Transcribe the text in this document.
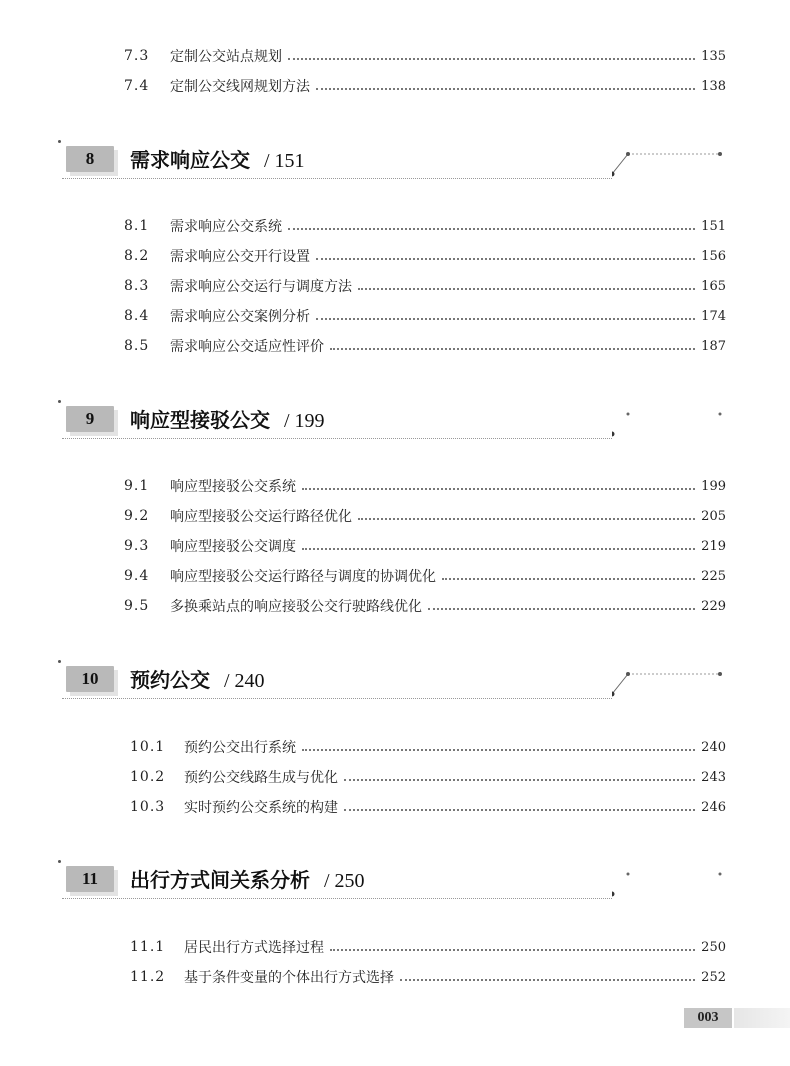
7.3	定制公交站点规划	135
7.4	定制公交线网规划方法	138
8	需求响应公交 / 151
8.1	需求响应公交系统	151
8.2	需求响应公交开行设置	156
8.3	需求响应公交运行与调度方法	165
8.4	需求响应公交案例分析	174
8.5	需求响应公交适应性评价	187
9	响应型接驳公交 / 199
9.1	响应型接驳公交系统	199
9.2	响应型接驳公交运行路径优化	205
9.3	响应型接驳公交调度	219
9.4	响应型接驳公交运行路径与调度的协调优化	225
9.5	多换乘站点的响应接驳公交行驶路线优化	229
10	预约公交 / 240
10.1	预约公交出行系统	240
10.2	预约公交线路生成与优化	243
10.3	实时预约公交系统的构建	246
11	出行方式间关系分析 / 250
11.1	居民出行方式选择过程	250
11.2	基于条件变量的个体出行方式选择	252
003
